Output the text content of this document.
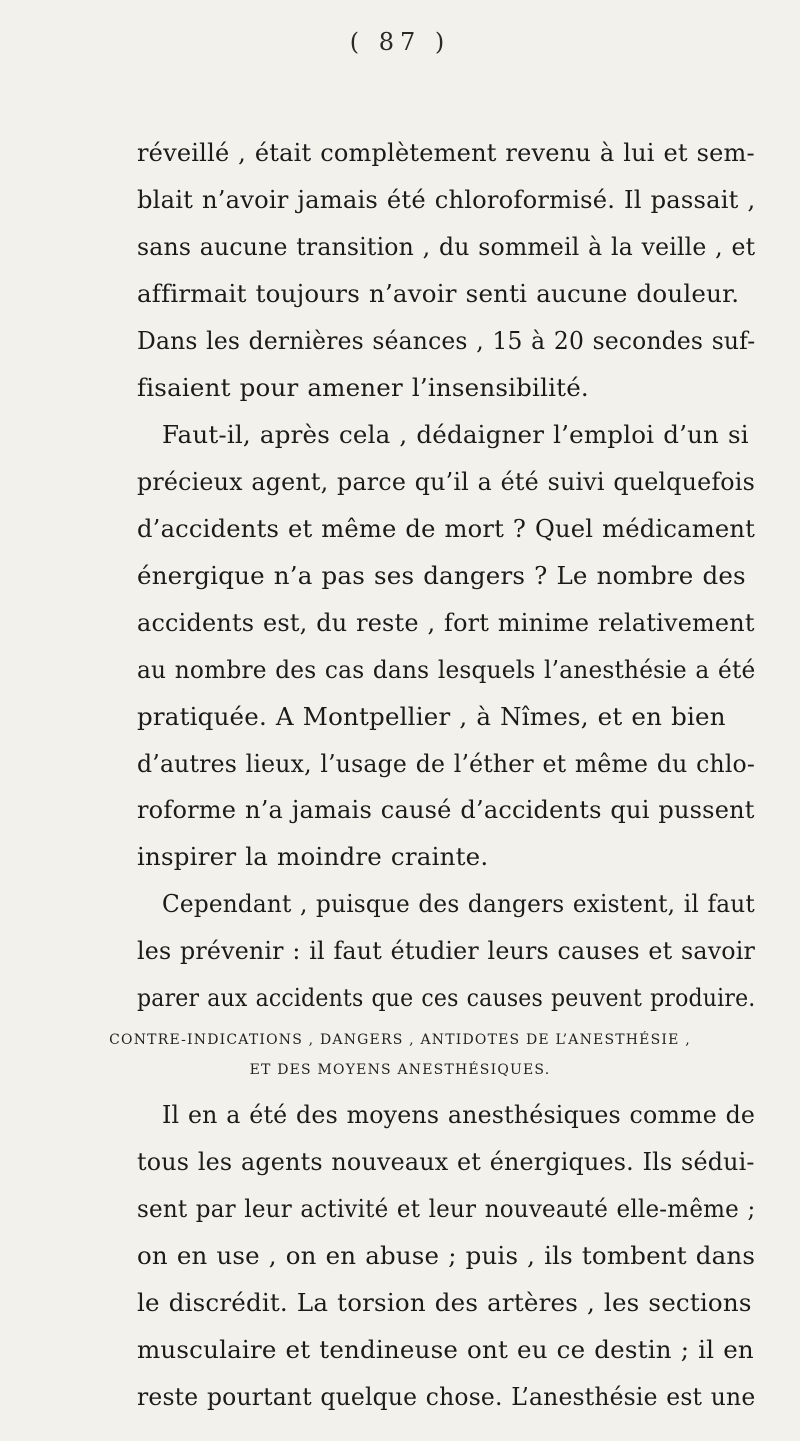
( 87 )
réveillé , était complètement revenu à lui et sem-
blait n’avoir jamais été chloroformisé. Il passait ,
sans aucune transition , du sommeil à la veille , et
affirmait toujours n’avoir senti aucune douleur.
Dans les dernières séances , 15 à 20 secondes suf-
fisaient pour amener l’insensibilité.
Faut-il, après cela , dédaigner l’emploi d’un si
précieux agent, parce qu’il a été suivi quelquefois
d’accidents et même de mort ? Quel médicament
énergique n’a pas ses dangers ? Le nombre des
accidents est, du reste , fort minime relativement
au nombre des cas dans lesquels l’anesthésie a été
pratiquée. A Montpellier , à Nîmes, et en bien
d’autres lieux, l’usage de l’éther et même du chlo-
roforme n’a jamais causé d’accidents qui pussent
inspirer la moindre crainte.
Cependant , puisque des dangers existent, il faut
les prévenir : il faut étudier leurs causes et savoir
parer aux accidents que ces causes peuvent produire.
CONTRE-INDICATIONS , DANGERS , ANTIDOTES DE L’ANESTHÉSIE ,
ET DES MOYENS ANESTHÉSIQUES.
Il en a été des moyens anesthésiques comme de
tous les agents nouveaux et énergiques. Ils sédui-
sent par leur activité et leur nouveauté elle-même ;
on en use , on en abuse ; puis , ils tombent dans
le discrédit. La torsion des artères , les sections
musculaire et tendineuse ont eu ce destin ; il en
reste pourtant quelque chose. L’anesthésie est une
